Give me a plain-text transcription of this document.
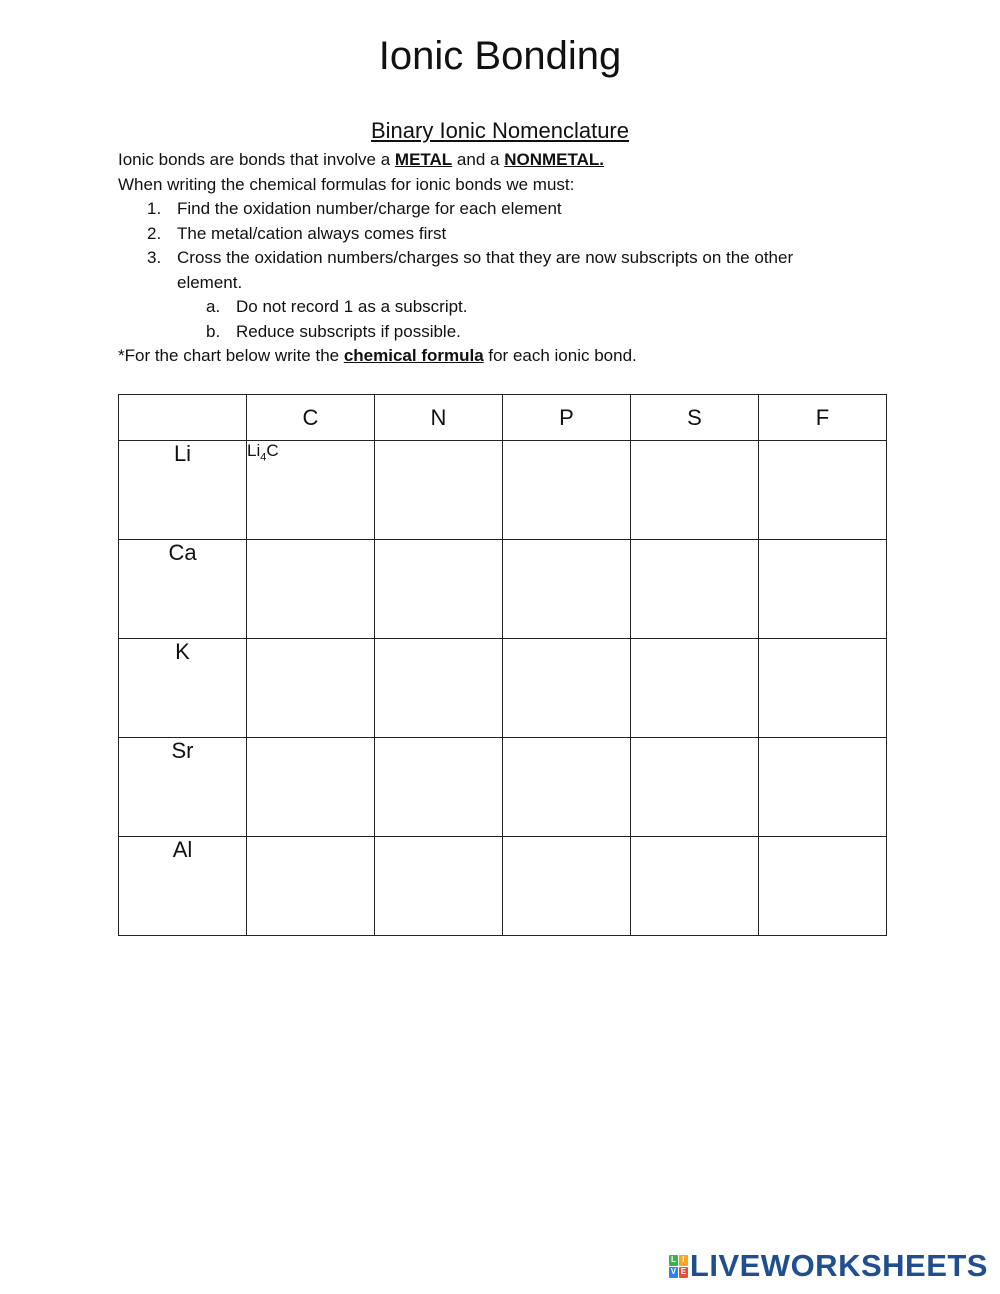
Ionic Bonding
Binary Ionic Nomenclature

Ionic bonds are bonds that involve a METAL and a NONMETAL.

When writing the chemical formulas for ionic bonds we must:

1. Find the oxidation number/charge for each element
2. The metal/cation always comes first
3. Cross the oxidation numbers/charges so that they are now subscripts on the other element.
a. Do not record 1 as a subscript.
b. Reduce subscripts if possible.

*For the chart below write the chemical formula for each ionic bond.

	C	N	P	S	F
Li	$Li_4C$				
Ca					
K					
Sr					
Al					
L I
V E LIVEWORKSHEETS
